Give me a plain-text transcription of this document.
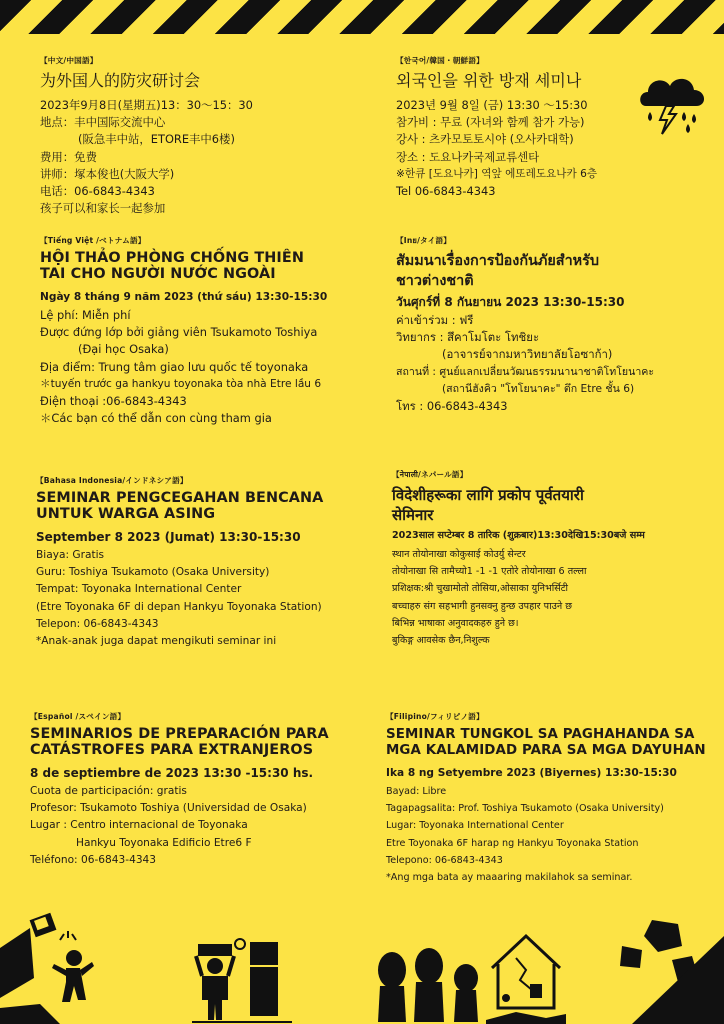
【中文/中国語】
为外国人的防灾研讨会
2023年9月8日(星期五)13：30～15：30
地点：丰中国际交流中心
(阪急丰中站，ETORE丰中6楼)
费用：免费
讲师：塚本俊也(大阪大学)
电话：06-6843-4343
孩子可以和家长一起参加
【한국어/韓国・朝鮮語】
외국인을 위한 방재 세미나
2023년 9월 8일 (금) 13:30 ～15:30
참가비 : 무료 (자녀와 함께 참가 가능)
강사 : 츠카모토토시야 (오사카대학)
장소 : 도요나카국제교류센타
※한큐 [도요나카] 역앞 에또레도요나카 6층
Tel 06-6843-4343
【Tiếng Việt /ベトナム語】
HỘI THẢO PHÒNG CHỐNG THIÊN
TAI CHO NGƯỜI NƯỚC NGOÀI
Ngày 8 tháng 9 năm 2023 (thứ sáu) 13:30-15:30
Lệ phí: Miễn phí
Được đứng lớp bởi giảng viên Tsukamoto Toshiya
(Đại học Osaka)
Địa điểm: Trung tâm giao lưu quốc tế toyonaka
＊tuyến trước ga hankyu toyonaka tòa nhà Etre lầu 6
Điện thoại :06-6843-4343
＊Các bạn có thể dẫn con cùng tham gia
【Inย/タイ語】
สัมมนาเรื่องการป้องกันภัยสำหรับ
ชาวต่างชาติ
วันศุกร์ที่ 8 กันยายน 2023 13:30-15:30
ค่าเข้าร่วม : ฟรี
วิทยากร : สึคาโมโตะ โทชิยะ
(อาจารย์จากมหาวิทยาลัยโอซาก้า)
สถานที่ : ศูนย์แลกเปลี่ยนวัฒนธรรมนานาชาติโทโยนาคะ
(สถานีฮังคิว "โทโยนาคะ" ตึก Etre ชั้น 6)
โทร : 06-6843-4343
【Bahasa Indonesia/インドネシア語】
SEMINAR PENGCEGAHAN BENCANA
UNTUK WARGA ASING
September 8 2023 (Jumat) 13:30-15:30
Biaya: Gratis
Guru: Toshiya Tsukamoto (Osaka University)
Tempat: Toyonaka International Center
(Etre Toyonaka 6F di depan Hankyu Toyonaka Station)
Telepon: 06-6843-4343
*Anak-anak juga dapat mengikuti seminar ini
【नेपाली/ネパール語】
विदेशीहरूका लागि प्रकोप पूर्वतयारी
सेमिनार
2023साल सप्टेम्बर 8 तारिक (शुक्रबार)13:30देखि15:30बजे सम्म
स्थान तोयोनाखा कोकुसाई कोउर्यु सेन्टर
तोयोनाखा सि तामैच्यो1 -1 -1 एतोरे तोयोनाखा 6 तल्ला
प्रशिक्षक:श्री चुखामोतो तोसिया,ओसाका युनिभर्सिटी
बच्चाहरु संग सहभागी हुनसक्नु हुन्छ उपहार पाउने छ
बिभिन्न भाषाका अनुवादकहरु हुने छ।
बुकिङ्ग आवसेक छैन,निशुल्क
【Español /スペイン語】
SEMINARIOS DE PREPARACIÓN PARA
CATÁSTROFES PARA EXTRANJEROS
8 de septiembre de 2023 13:30 -15:30 hs.
Cuota de participación: gratis
Profesor: Tsukamoto Toshiya (Universidad de Osaka)
Lugar : Centro internacional de Toyonaka
Hankyu Toyonaka Edificio Etre6 F
Teléfono: 06-6843-4343
【Filipino/フィリピノ語】
SEMINAR TUNGKOL SA PAGHAHANDA SA
MGA KALAMIDAD PARA SA MGA DAYUHAN
Ika 8 ng Setyembre 2023 (Biyernes) 13:30-15:30
Bayad: Libre
Tagapagsalita: Prof. Toshiya Tsukamoto (Osaka University)
Lugar: Toyonaka International Center
Etre Toyonaka 6F harap ng Hankyu Toyonaka Station
Telepono: 06-6843-4343
*Ang mga bata ay maaaring makilahok sa seminar.
